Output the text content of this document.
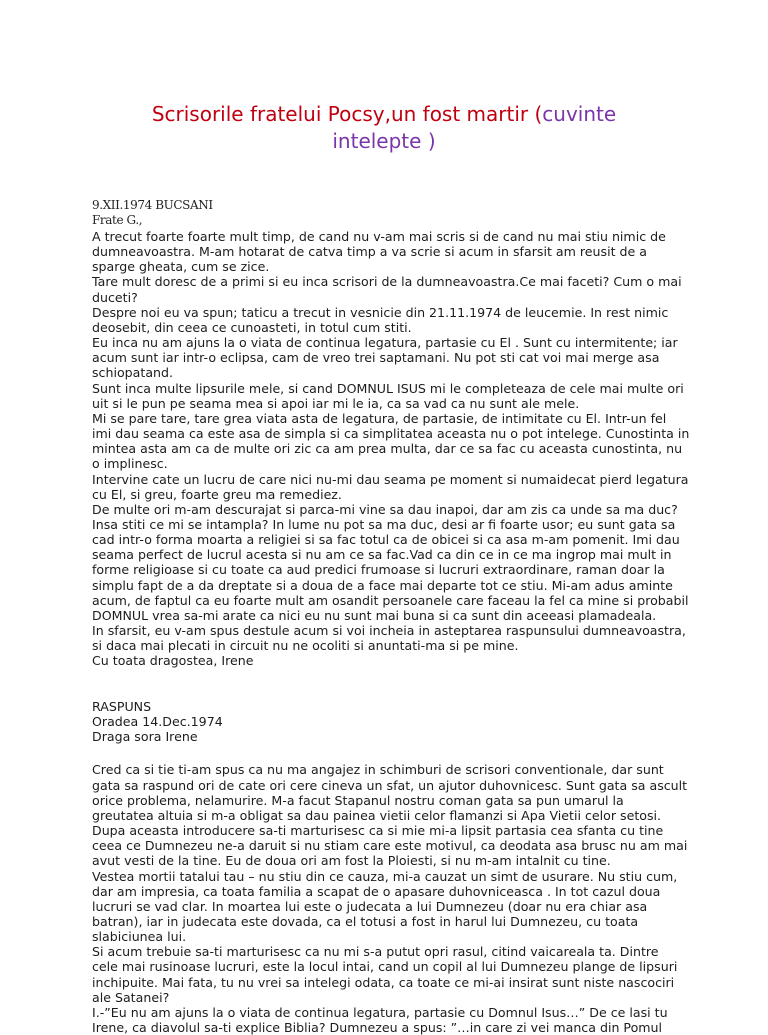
Scrisorile fratelui Pocsy,un fost martir (cuvinte
intelepte )
9.XII.1974 BUCSANI
Frate G.,
A trecut foarte foarte mult timp, de cand nu v-am mai scris si de cand nu mai stiu nimic de
dumneavoastra. M-am hotarat de catva timp a va scrie si acum in sfarsit am reusit de a
sparge gheata, cum se zice.
Tare mult doresc de a primi si eu inca scrisori de la dumneavoastra.Ce mai faceti? Cum o mai
duceti?
Despre noi eu va spun; taticu a trecut in vesnicie din 21.11.1974 de leucemie. In rest nimic
deosebit, din ceea ce cunoasteti, in totul cum stiti.
Eu inca nu am ajuns la o viata de continua legatura, partasie cu El . Sunt cu intermitente; iar
acum sunt iar intr-o eclipsa, cam de vreo trei saptamani. Nu pot sti cat voi mai merge asa
schiopatand.
Sunt inca multe lipsurile mele, si cand DOMNUL ISUS mi le completeaza de cele mai multe ori
uit si le pun pe seama mea si apoi iar mi le ia, ca sa vad ca nu sunt ale mele.
Mi se pare tare, tare grea viata asta de legatura, de partasie, de intimitate cu El. Intr-un fel
imi dau seama ca este asa de simpla si ca simplitatea aceasta nu o pot intelege. Cunostinta in
mintea asta am ca de multe ori zic ca am prea multa, dar ce sa fac cu aceasta cunostinta, nu
o implinesc.
Intervine cate un lucru de care nici nu-mi dau seama pe moment si numaidecat pierd legatura
cu El, si greu, foarte greu ma remediez.
De multe ori m-am descurajat si parca-mi vine sa dau inapoi, dar am zis ca unde sa ma duc?
Insa stiti ce mi se intampla? In lume nu pot sa ma duc, desi ar fi foarte usor; eu sunt gata sa
cad intr-o forma moarta a religiei si sa fac totul ca de obicei si ca asa m-am pomenit. Imi dau
seama perfect de lucrul acesta si nu am ce sa fac.Vad ca din ce in ce ma ingrop mai mult in
forme religioase si cu toate ca aud predici frumoase si lucruri extraordinare, raman doar la
simplu fapt de a da dreptate si a doua de a face mai departe tot ce stiu. Mi-am adus aminte
acum, de faptul ca eu foarte mult am osandit persoanele care faceau la fel ca mine si probabil
DOMNUL vrea sa-mi arate ca nici eu nu sunt mai buna si ca sunt din aceeasi plamadeala.
In sfarsit, eu v-am spus destule acum si voi incheia in asteptarea raspunsului dumneavoastra,
si daca mai plecati in circuit nu ne ocoliti si anuntati-ma si pe mine.
Cu toata dragostea, Irene
RASPUNS
Oradea 14.Dec.1974
Draga sora Irene
Cred ca si tie ti-am spus ca nu ma angajez in schimburi de scrisori conventionale, dar sunt
gata sa raspund ori de cate ori cere cineva un sfat, un ajutor duhovnicesc. Sunt gata sa ascult
orice problema, nelamurire. M-a facut Stapanul nostru coman gata sa pun umarul la
greutatea altuia si m-a obligat sa dau painea vietii celor flamanzi si Apa Vietii celor setosi.
Dupa aceasta introducere sa-ti marturisesc ca si mie mi-a lipsit partasia cea sfanta cu tine
ceea ce Dumnezeu ne-a daruit si nu stiam care este motivul, ca deodata asa brusc nu am mai
avut vesti de la tine. Eu de doua ori am fost la Ploiesti, si nu m-am intalnit cu tine.
Vestea mortii tatalui tau – nu stiu din ce cauza, mi-a cauzat un simt de usurare. Nu stiu cum,
dar am impresia, ca toata familia a scapat de o apasare duhovniceasca . In tot cazul doua
lucruri se vad clar. In moartea lui este o judecata a lui Dumnezeu (doar nu era chiar asa
batran), iar in judecata este dovada, ca el totusi a fost in harul lui Dumnezeu, cu toata
slabiciunea lui.
Si acum trebuie sa-ti marturisesc ca nu mi s-a putut opri rasul, citind vaicareala ta. Dintre
cele mai rusinoase lucruri, este la locul intai, cand un copil al lui Dumnezeu plange de lipsuri
inchipuite. Mai fata, tu nu vrei sa intelegi odata, ca toate ce mi-ai insirat sunt niste nascociri
ale Satanei?
I.-”Eu nu am ajuns la o viata de continua legatura, partasie cu Domnul Isus…” De ce lasi tu
Irene, ca diavolul sa-ti explice Biblia? Dumnezeu a spus: ”…in care zi vei manca din Pomul
